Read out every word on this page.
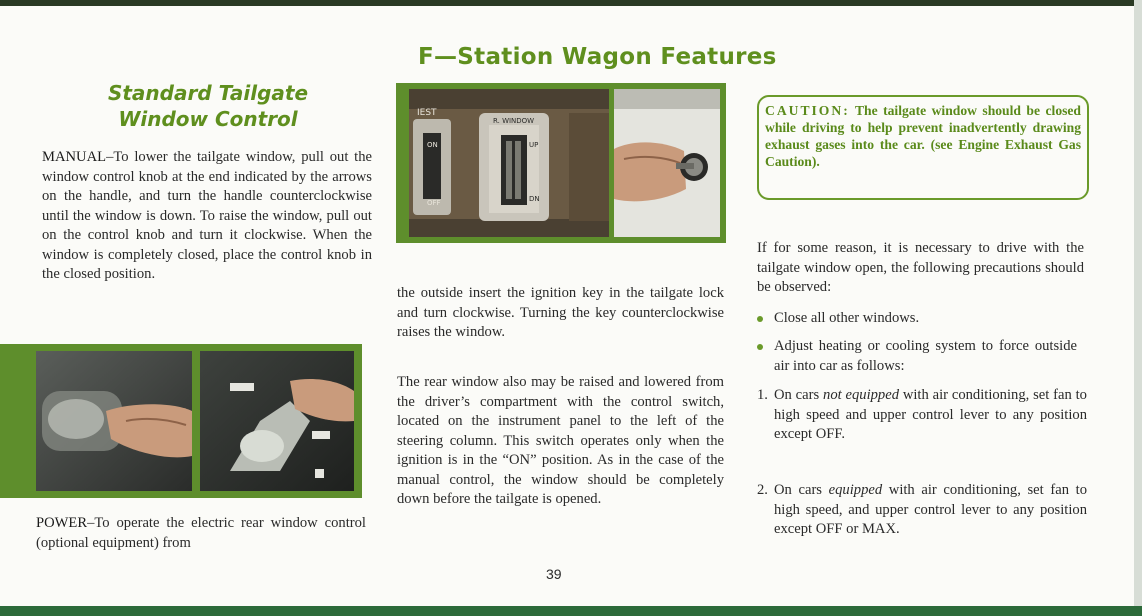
F—Station Wagon Features
Standard Tailgate
Window Control

MANUAL–To lower the tailgate window, pull out the window control knob at the end indicated by the arrows on the handle, and turn the handle counterclockwise until the window is down. To raise the window, pull out on the control knob and turn it clockwise. When the window is completely closed, place the control knob in the closed position.

POWER–To operate the electric rear window control (optional equipment) from

IEST
ON
OFF
R. WINDOW
UP
DN

the outside insert the ignition key in the tailgate lock and turn clockwise. Turning the key counterclockwise raises the window.

The rear window also may be raised and lowered from the driver’s compartment with the control switch, located on the instrument panel to the left of the steering column. This switch operates only when the ignition is in the “ON” position. As in the case of the manual control, the window should be completely down before the tailgate is opened.

CAUTION: The tailgate window should be closed while driving to help prevent inadvertently drawing exhaust gases into the car. (see Engine Exhaust Gas Caution).

If for some reason, it is necessary to drive with the tailgate window open, the following precautions should be observed:

Close all other windows.
Adjust heating or cooling system to force outside air into car as follows:
1. On cars not equipped with air conditioning, set fan to high speed and upper control lever to any position except OFF.
2. On cars equipped with air conditioning, set fan to high speed, and upper control lever to any position except OFF or MAX.
39
